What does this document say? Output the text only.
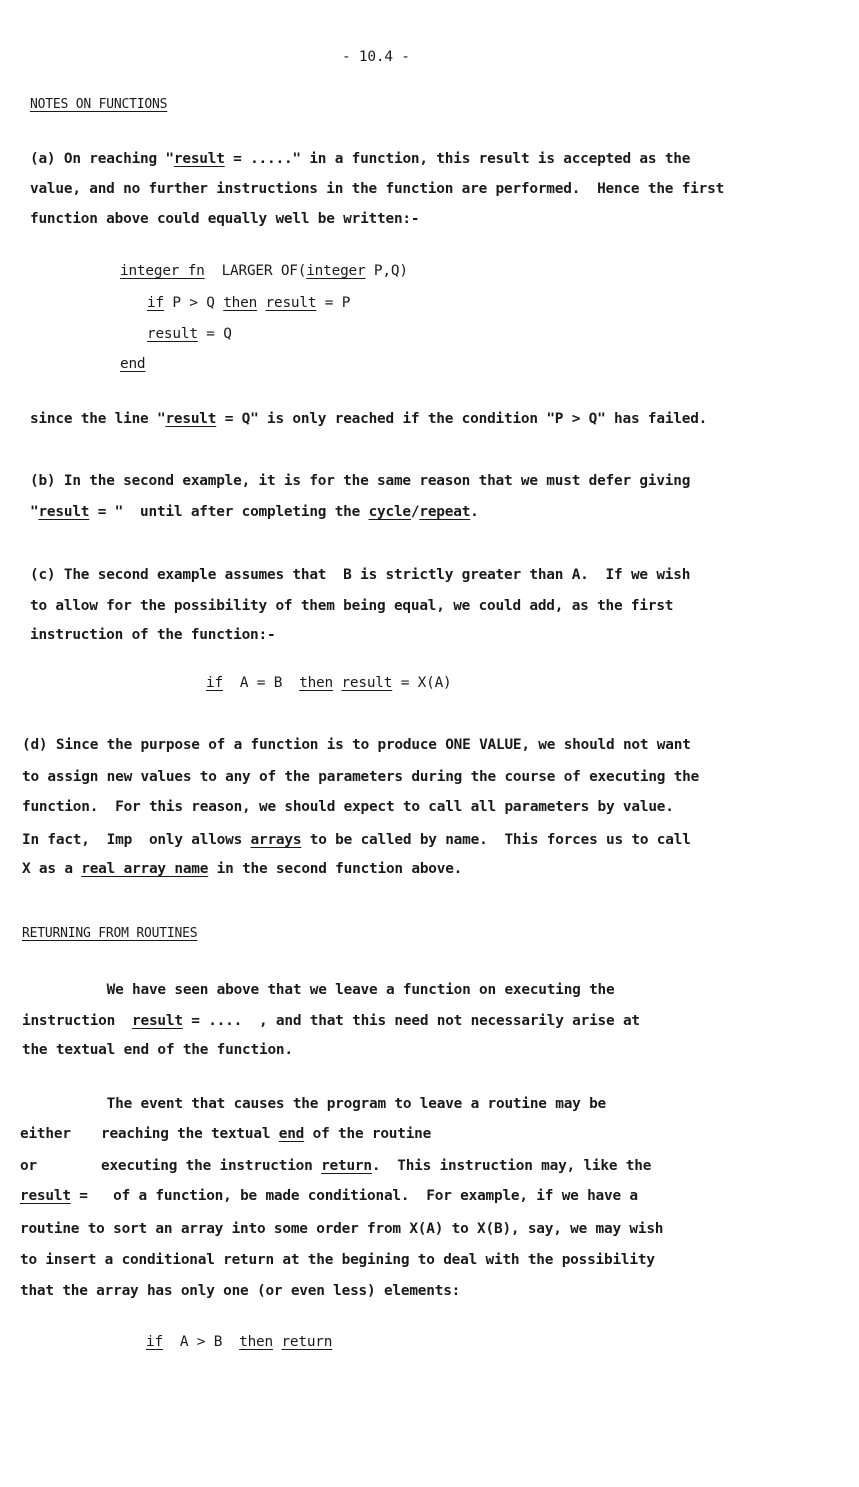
- 10.4 -
NOTES ON FUNCTIONS
(a) On reaching "result = ....." in a function, this result is accepted as the
value, and no further instructions in the function are performed.  Hence the first
function above could equally well be written:-
integer fn  LARGER OF(integer P,Q)
if P > Q then result = P
result = Q
end
since the line "result = Q" is only reached if the condition "P > Q" has failed.
(b) In the second example, it is for the same reason that we must defer giving
"result = "  until after completing the cycle/repeat.
(c) The second example assumes that  B is strictly greater than A.  If we wish
to allow for the possibility of them being equal, we could add, as the first
instruction of the function:-
if  A = B  then result = X(A)
(d) Since the purpose of a function is to produce ONE VALUE, we should not want
to assign new values to any of the parameters during the course of executing the
function.  For this reason, we should expect to call all parameters by value.
In fact,  Imp  only allows arrays to be called by name.  This forces us to call
X as a real array name in the second function above.
RETURNING FROM ROUTINES
We have seen above that we leave a function on executing the
instruction  result = ....  , and that this need not necessarily arise at
the textual end of the function.
The event that causes the program to leave a routine may be
either reaching the textual end of the routine
or	executing the instruction return.  This instruction may, like the
result =   of a function, be made conditional.  For example, if we have a
routine to sort an array into some order from X(A) to X(B), say, we may wish
to insert a conditional return at the begining to deal with the possibility
that the array has only one (or even less) elements:
if  A > B  then return
